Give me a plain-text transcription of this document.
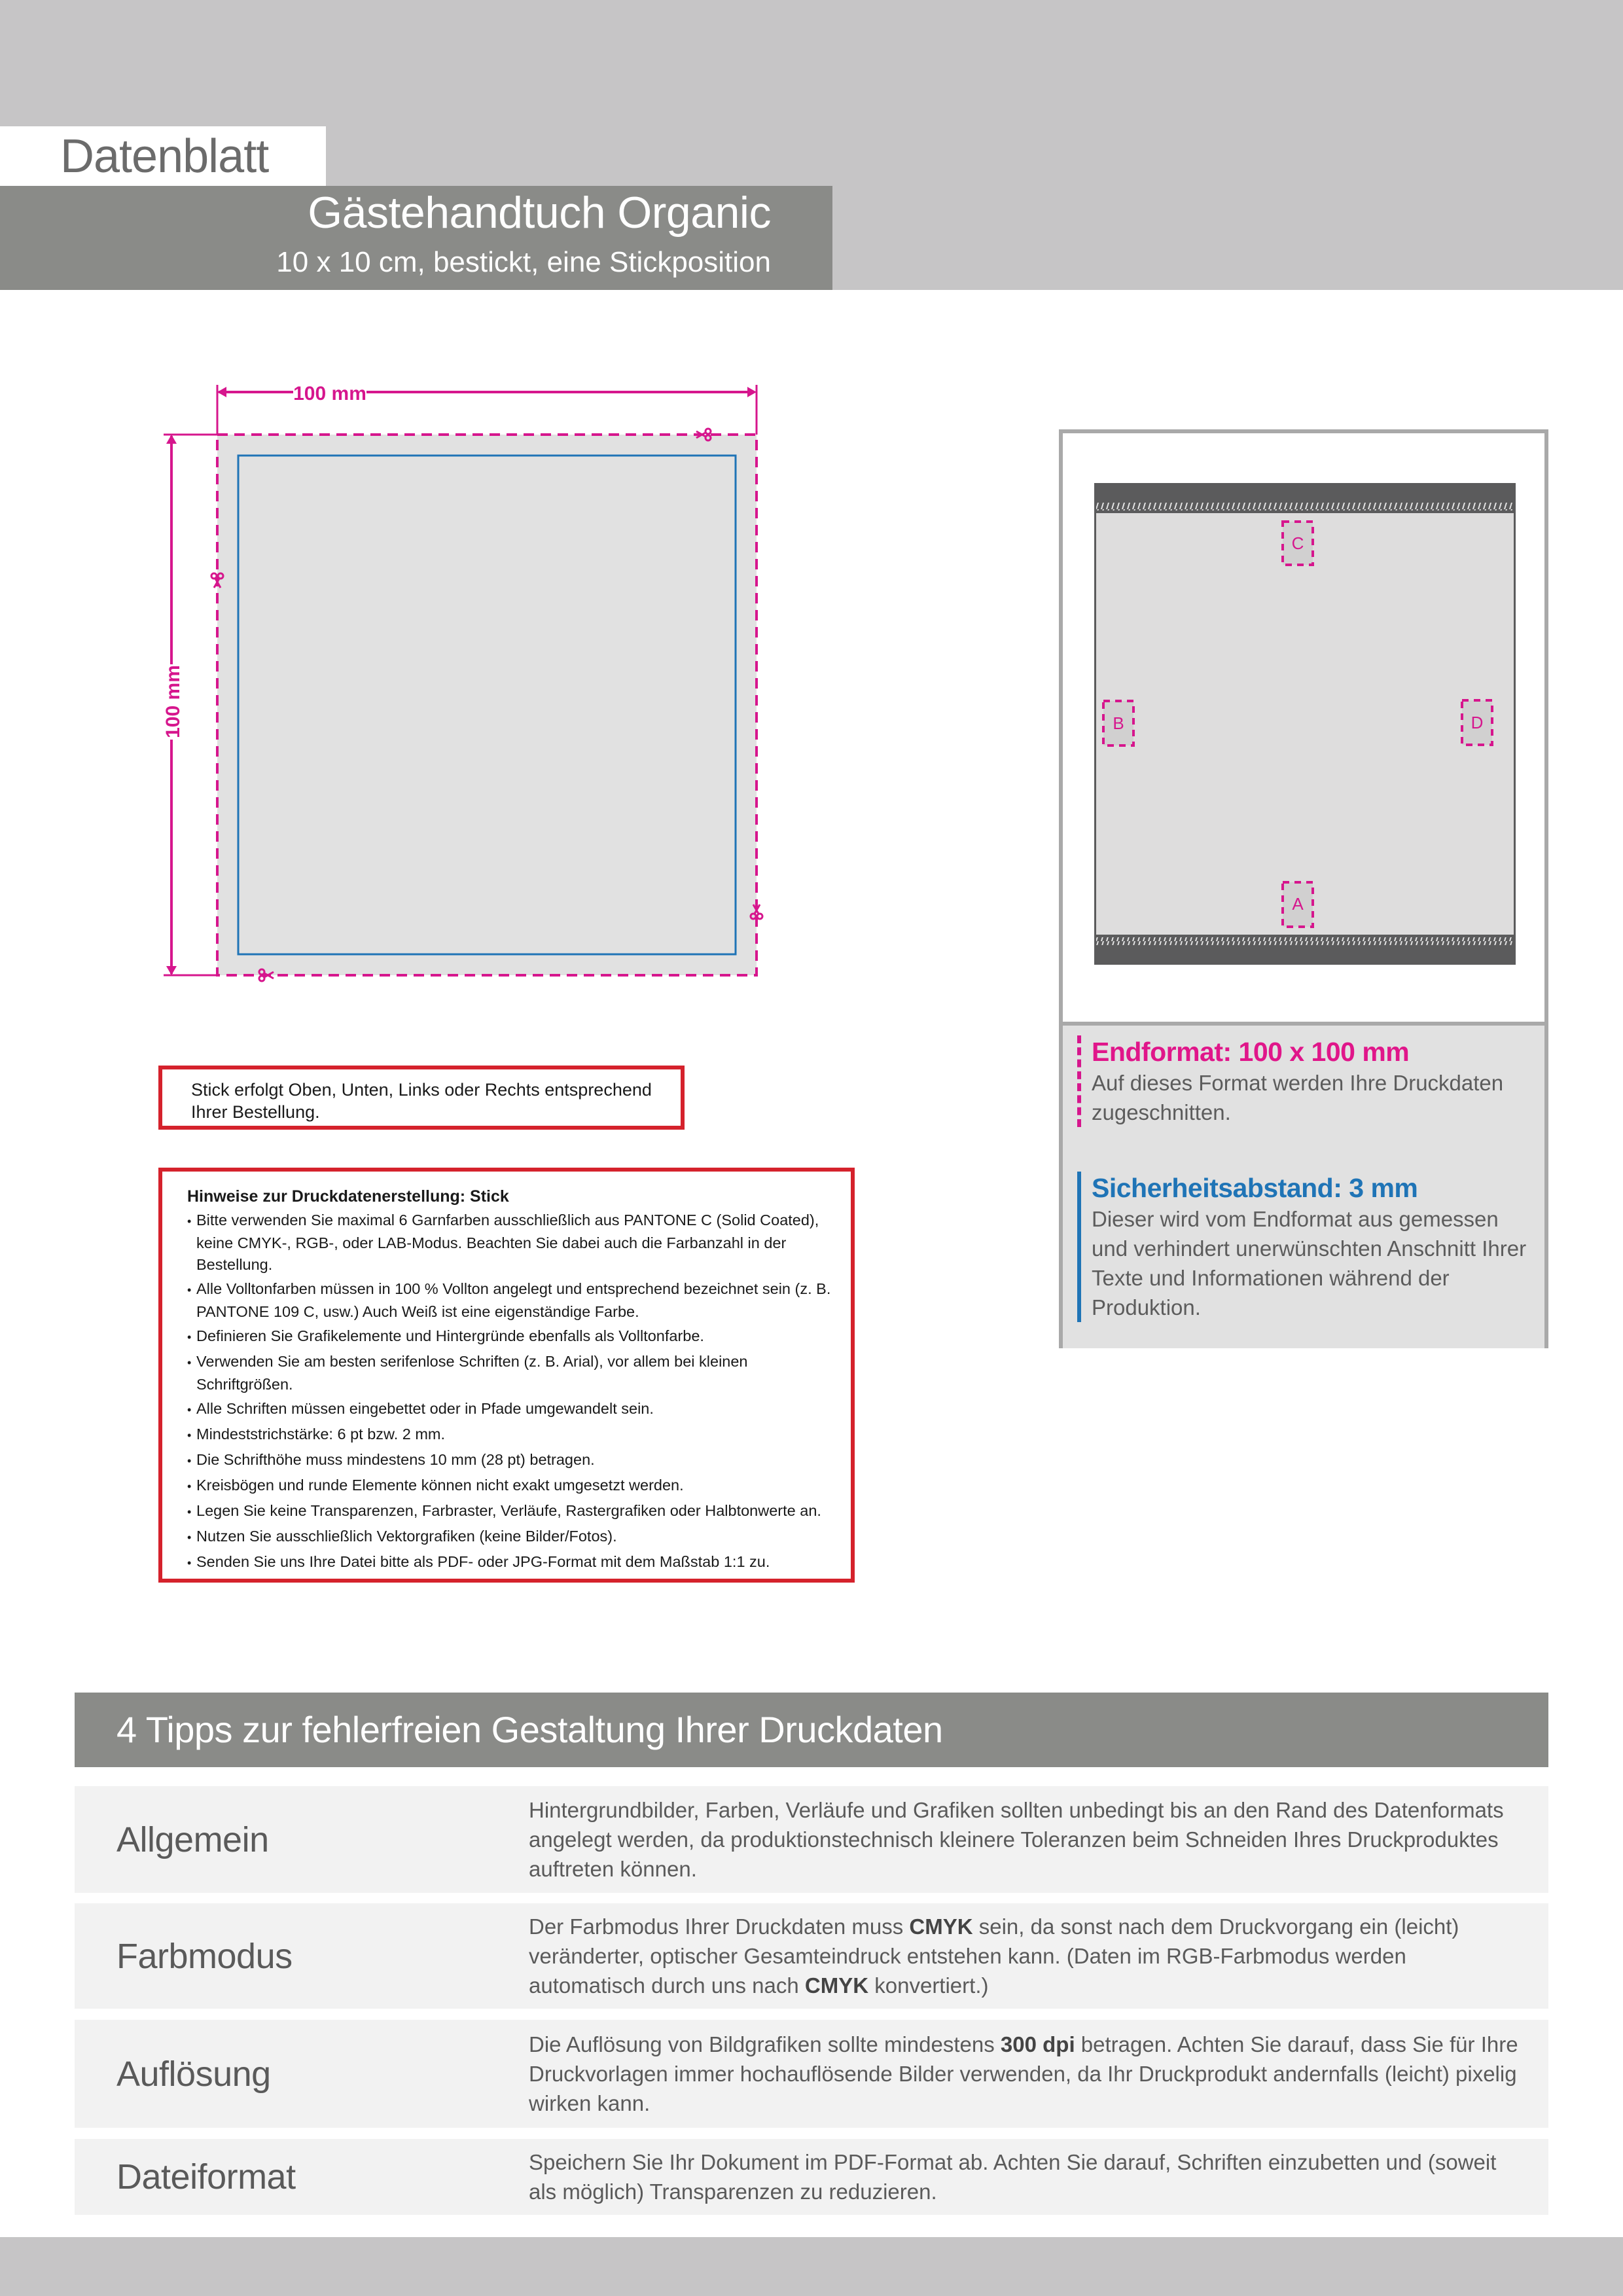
Datenblatt
Gästehandtuch Organic
10 x 10 cm, bestickt, eine Stickposition
100 mm
100 mm
Stick erfolgt Oben, Unten, Links oder Rechts entsprechend
Ihrer Bestellung.
Hinweise zur Druckdatenerstellung: Stick
• Bitte verwenden Sie maximal 6 Garnfarben ausschließlich aus PANTONE C (Solid Coated), keine CMYK-, RGB-, oder LAB-Modus. Beachten Sie dabei auch die Farbanzahl in der Bestellung.
• Alle Volltonfarben müssen in 100 % Vollton angelegt und entsprechend bezeichnet sein (z. B. PANTONE 109 C, usw.) Auch Weiß ist eine eigenständige Farbe.
• Definieren Sie Grafikelemente und Hintergründe ebenfalls als Volltonfarbe.
• Verwenden Sie am besten serifenlose Schriften (z. B. Arial), vor allem bei kleinen Schriftgrößen.
• Alle Schriften müssen eingebettet oder in Pfade umgewandelt sein.
• Mindeststrichstärke: 6 pt bzw. 2 mm.
• Die Schrifthöhe muss mindestens 10 mm (28 pt) betragen.
• Kreisbögen und runde Elemente können nicht exakt umgesetzt werden.
• Legen Sie keine Transparenzen, Farbraster, Verläufe, Rastergrafiken oder Halbtonwerte an.
• Nutzen Sie ausschließlich Vektorgrafiken (keine Bilder/Fotos).
• Senden Sie uns Ihre Datei bitte als PDF- oder JPG-Format mit dem Maßstab 1:1 zu.
C
B	D
A
Endformat: 100 x 100 mm
Auf dieses Format werden Ihre Druckdaten zugeschnitten.
Sicherheitsabstand: 3 mm
Dieser wird vom Endformat aus gemessen und verhindert unerwünschten Anschnitt Ihrer Texte und Informationen während der Produktion.
4 Tipps zur fehlerfreien Gestaltung Ihrer Druckdaten
Allgemein
Hintergrundbilder, Farben, Verläufe und Grafiken sollten unbedingt bis an den Rand des Datenformats angelegt werden, da produktionstechnisch kleinere Toleranzen beim Schneiden Ihres Druckproduktes auftreten können.
Farbmodus
Der Farbmodus Ihrer Druckdaten muss CMYK sein, da sonst nach dem Druckvorgang ein (leicht) veränderter, optischer Gesamteindruck entstehen kann. (Daten im RGB-Farbmodus werden automatisch durch uns nach CMYK konvertiert.)
Auflösung
Die Auflösung von Bildgrafiken sollte mindestens 300 dpi betragen. Achten Sie darauf, dass Sie für Ihre Druckvorlagen immer hochauflösende Bilder verwenden, da Ihr Druckprodukt andernfalls (leicht) pixelig wirken kann.
Dateiformat	Speichern Sie Ihr Dokument im PDF-Format ab. Achten Sie darauf, Schriften einzubetten und (soweit als möglich) Transparenzen zu reduzieren.
